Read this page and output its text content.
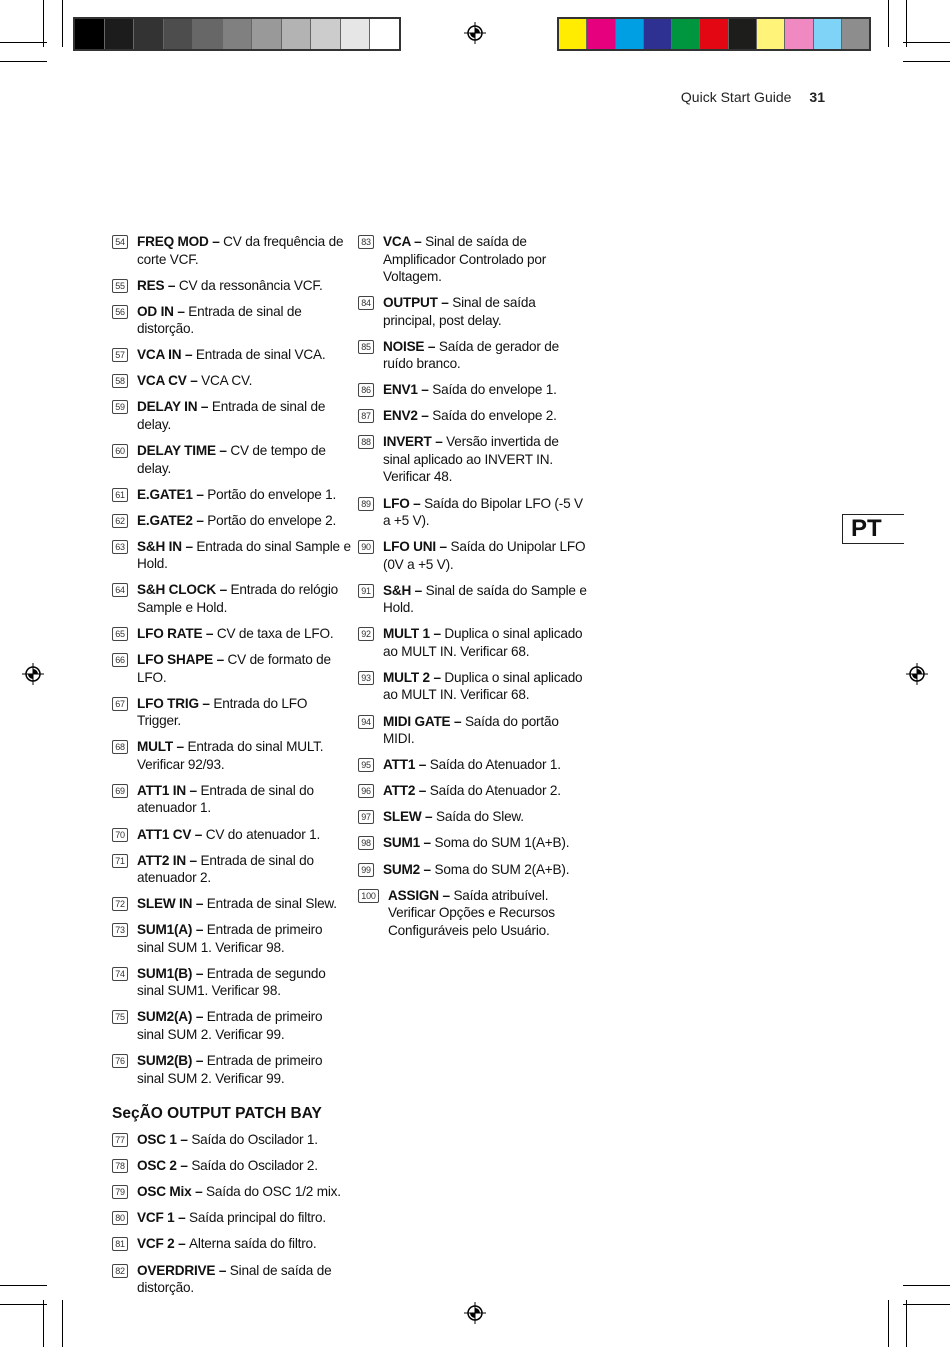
Quick Start Guide 31
PT
54 FREQ MOD – CV da frequência de corte VCF.
55 RES – CV da ressonância VCF.
56 OD IN – Entrada de sinal de distorção.
57 VCA IN – Entrada de sinal VCA.
58 VCA CV – VCA CV.
59 DELAY IN – Entrada de sinal de delay.
60 DELAY TIME – CV de tempo de delay.
61 E.GATE1 – Portão do envelope 1.
62 E.GATE2 – Portão do envelope 2.
63 S&H IN – Entrada do sinal Sample e Hold.
64 S&H CLOCK – Entrada do relógio Sample e Hold.
65 LFO RATE – CV de taxa de LFO.
66 LFO SHAPE – CV de formato de LFO.
67 LFO TRIG – Entrada do LFO Trigger.
68 MULT – Entrada do sinal MULT. Verificar 92/93.
69 ATT1 IN – Entrada de sinal do atenuador 1.
70 ATT1 CV – CV do atenuador 1.
71 ATT2 IN – Entrada de sinal do atenuador 2.
72 SLEW IN – Entrada de sinal Slew.
73 SUM1(A) – Entrada de primeiro sinal SUM 1. Verificar 98.
74 SUM1(B) – Entrada de segundo sinal SUM1. Verificar 98.
75 SUM2(A) – Entrada de primeiro sinal SUM 2. Verificar 99.
76 SUM2(B) – Entrada de primeiro sinal SUM 2. Verificar 99.
SeçÃO OUTPUT PATCH BAY
77 OSC 1 – Saída do Oscilador 1.
78 OSC 2 – Saída do Oscilador 2.
79 OSC Mix – Saída do OSC 1/2 mix.
80 VCF 1 – Saída principal do filtro.
81 VCF 2 – Alterna saída do filtro.
82 OVERDRIVE – Sinal de saída de distorção.
83 VCA – Sinal de saída de Amplificador Controlado por Voltagem.
84 OUTPUT – Sinal de saída principal, post delay.
85 NOISE – Saída de gerador de ruído branco.
86 ENV1 – Saída do envelope 1.
87 ENV2 – Saída do envelope 2.
88 INVERT – Versão invertida de sinal aplicado ao INVERT IN. Verificar 48.
89 LFO – Saída do Bipolar LFO (-5 V a +5 V).
90 LFO UNI – Saída do Unipolar LFO (0V a +5 V).
91 S&H – Sinal de saída do Sample e Hold.
92 MULT 1 – Duplica o sinal aplicado ao MULT IN. Verificar 68.
93 MULT 2 – Duplica o sinal aplicado ao MULT IN. Verificar 68.
94 MIDI GATE – Saída do portão MIDI.
95 ATT1 – Saída do Atenuador 1.
96 ATT2 – Saída do Atenuador 2.
97 SLEW – Saída do Slew.
98 SUM1 – Soma do SUM 1(A+B).
99 SUM2 – Soma do SUM 2(A+B).
100 ASSIGN – Saída atribuível. Verificar Opções e Recursos Configuráveis pelo Usuário.
